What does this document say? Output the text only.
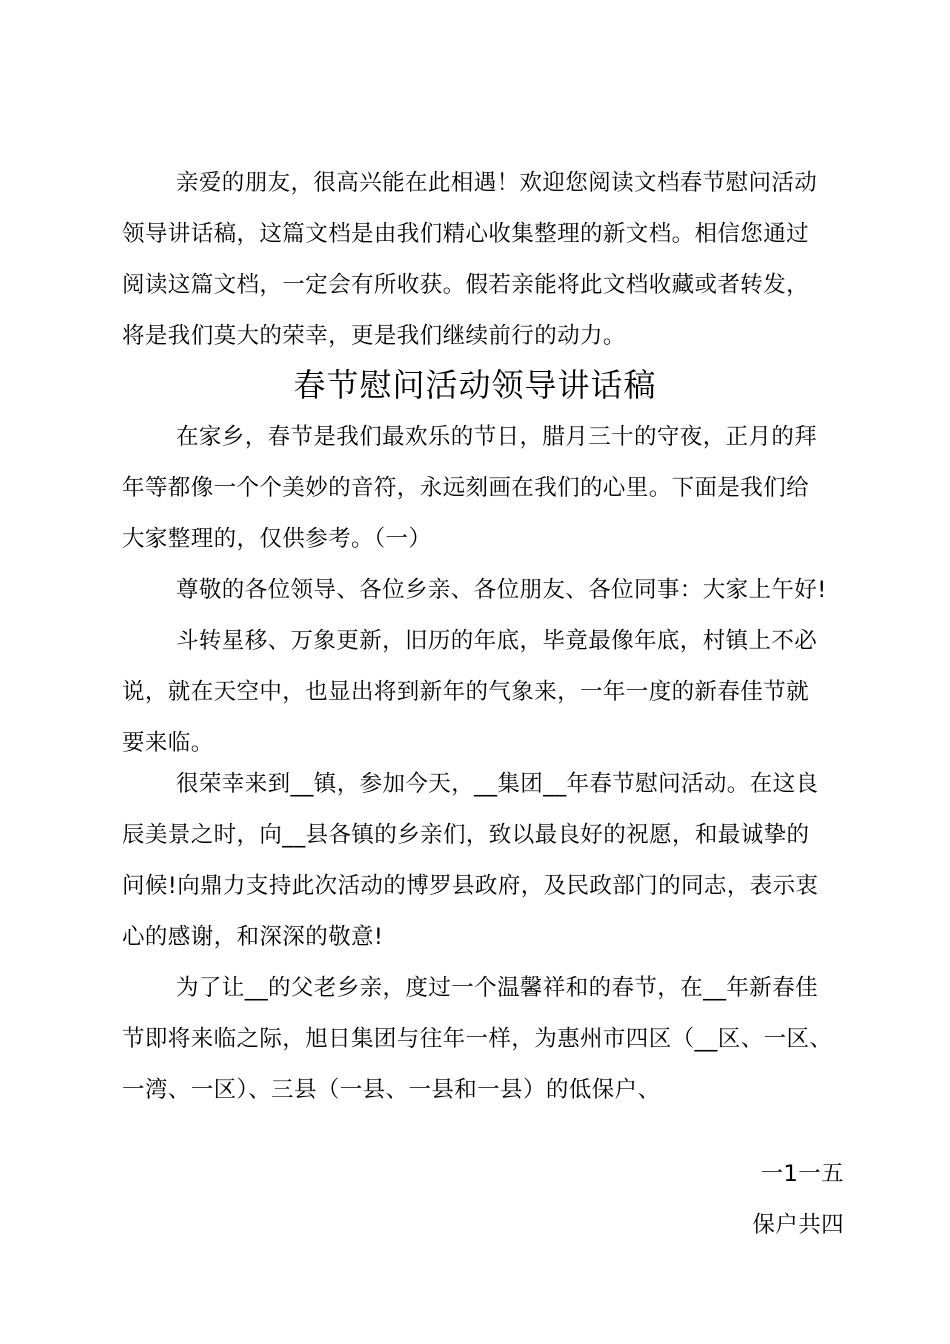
亲爱的朋友，很高兴能在此相遇！欢迎您阅读文档春节慰问活动
领导讲话稿，这篇文档是由我们精心收集整理的新文档。相信您通过
阅读这篇文档，一定会有所收获。假若亲能将此文档收藏或者转发，
将是我们莫大的荣幸，更是我们继续前行的动力。
春节慰问活动领导讲话稿
在家乡，春节是我们最欢乐的节日，腊月三十的守夜，正月的拜
年等都像一个个美妙的音符，永远刻画在我们的心里。下面是我们给
大家整理的，仅供参考。（一）
尊敬的各位领导、各位乡亲、各位朋友、各位同事：大家上午好!
斗转星移、万象更新，旧历的年底，毕竟最像年底，村镇上不必
说，就在天空中，也显出将到新年的气象来，一年一度的新春佳节就
要来临。
很荣幸来到__镇，参加今天，__集团__年春节慰问活动。在这良
辰美景之时，向__县各镇的乡亲们，致以最良好的祝愿，和最诚挚的
问候!向鼎力支持此次活动的博罗县政府，及民政部门的同志，表示衷
心的感谢，和深深的敬意!
为了让__的父老乡亲，度过一个温馨祥和的春节，在__年新春佳
节即将来临之际，旭日集团与往年一样，为惠州市四区（__区、一区、
一湾、一区）、三县（一县、一县和一县）的低保户、
一1一五
保户共四
